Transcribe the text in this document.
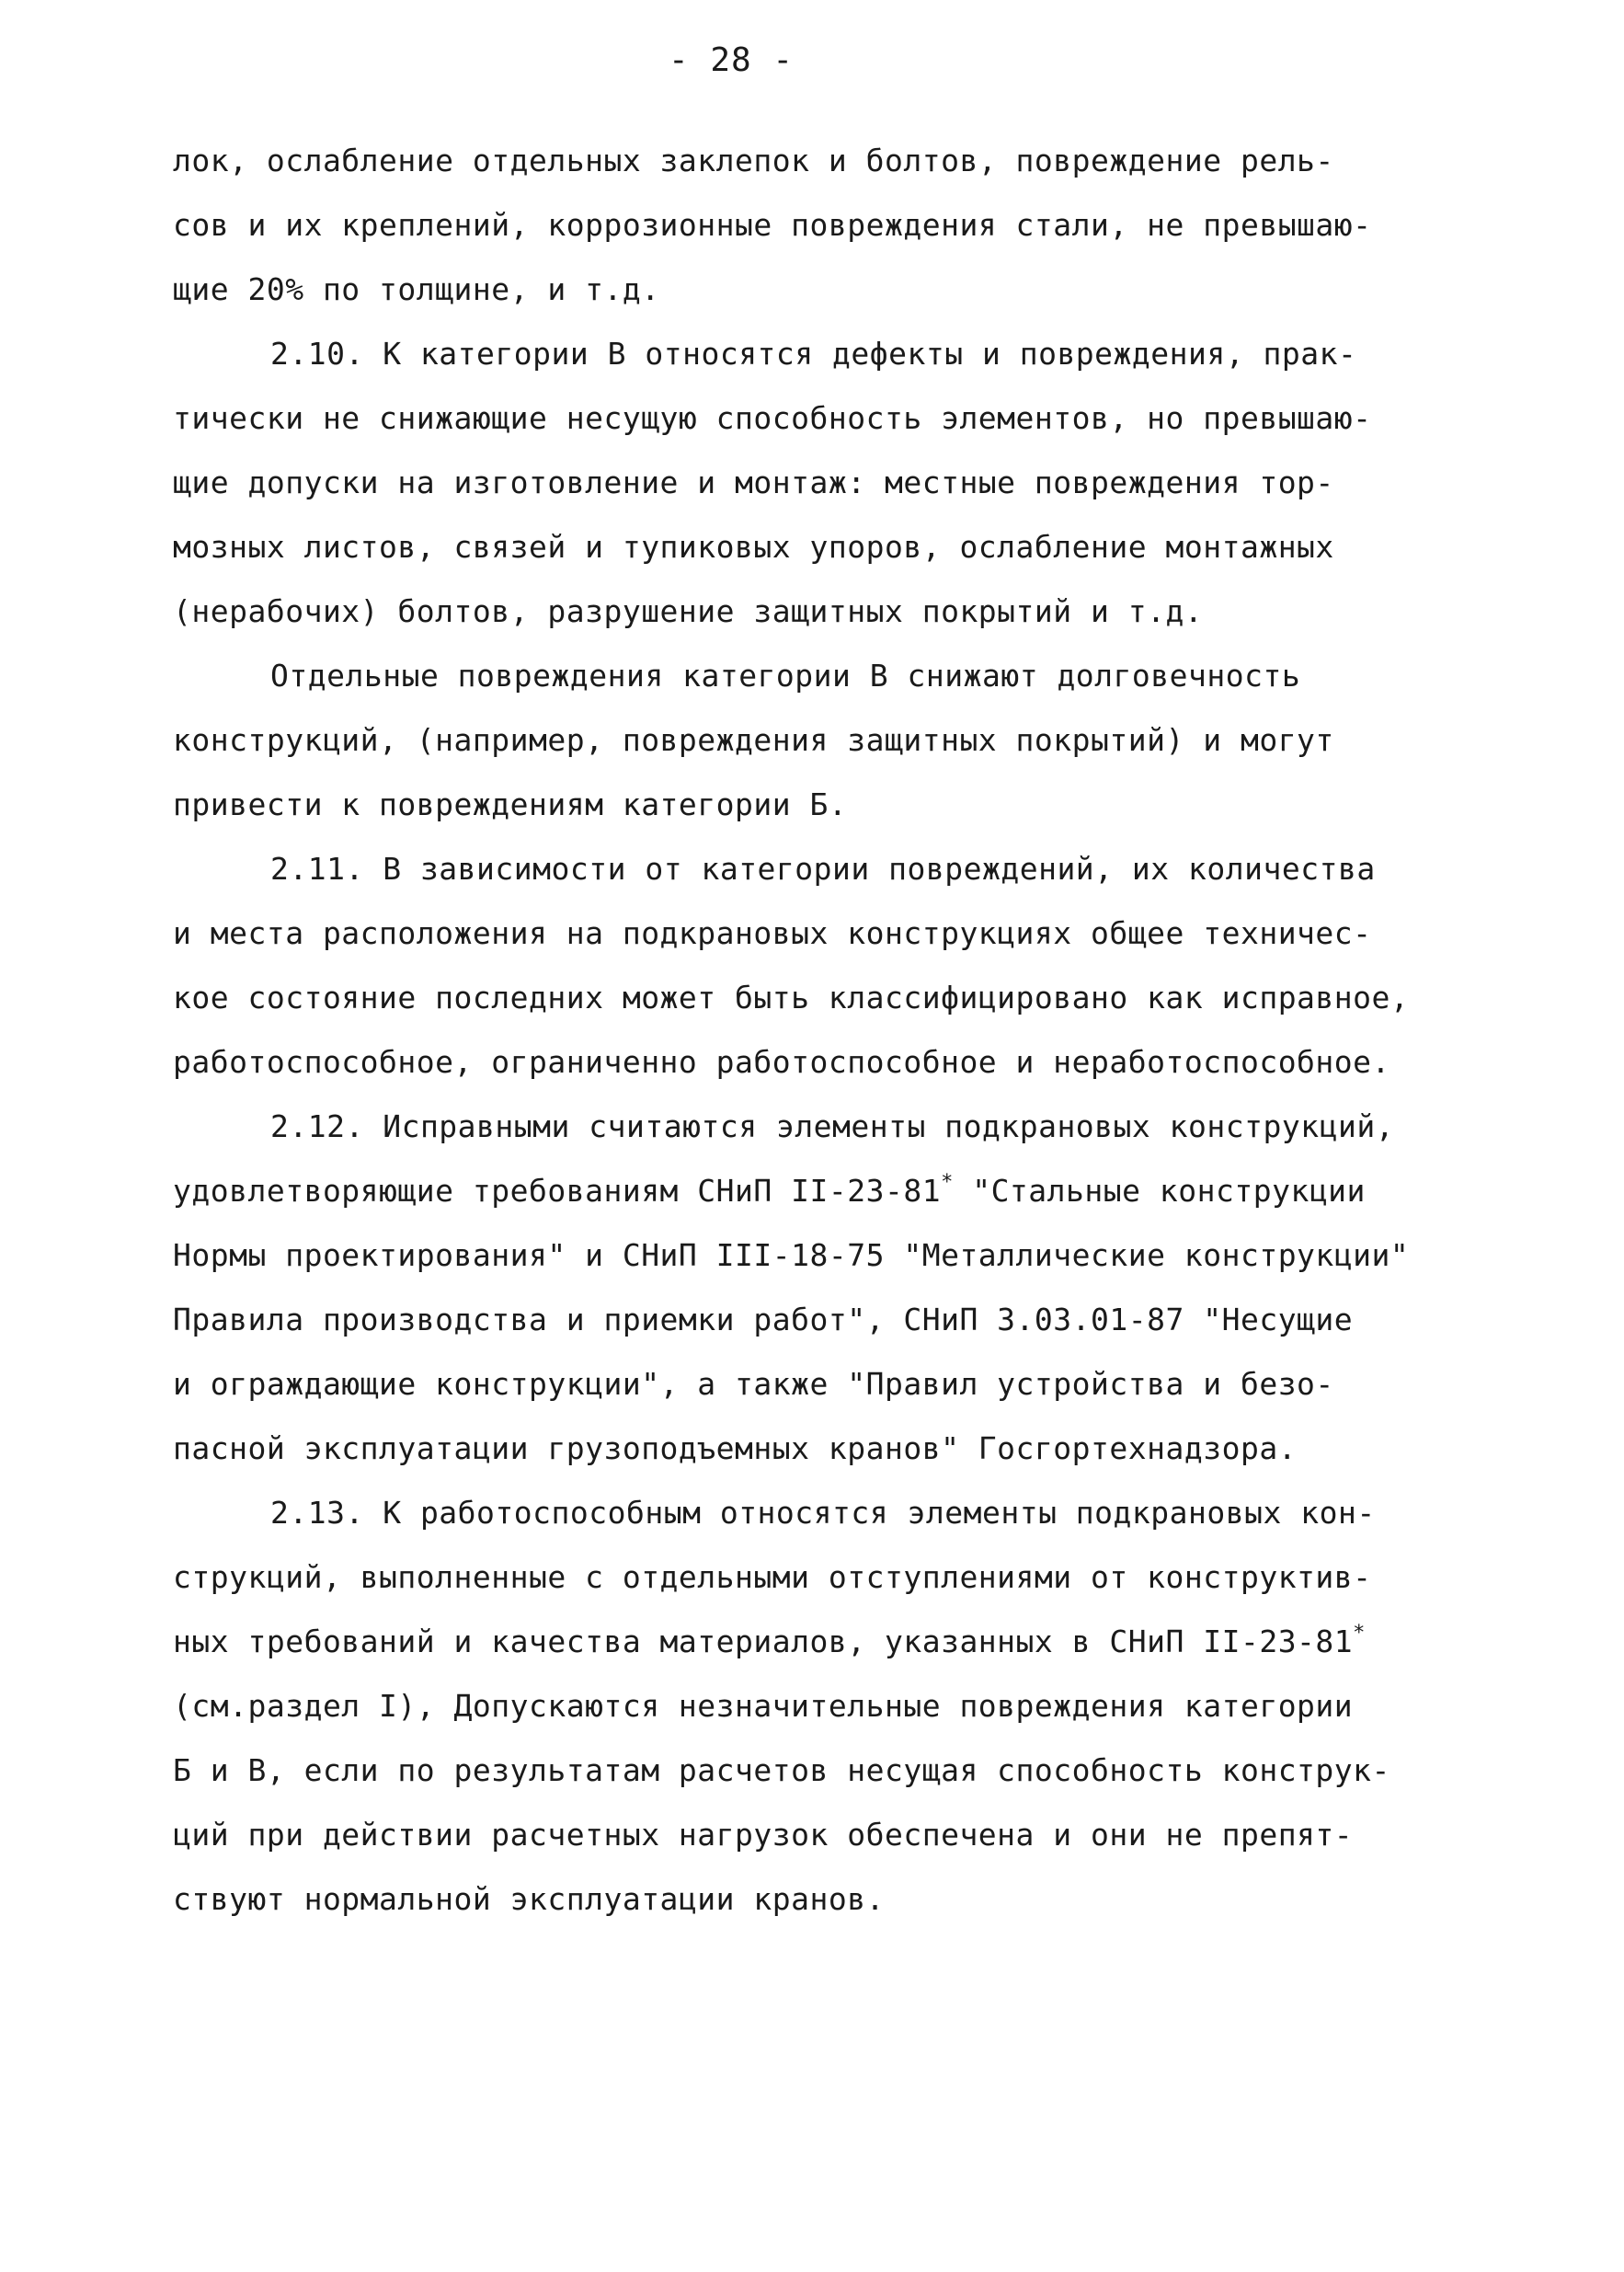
- 28 -
лок, ослабление отдельных заклепок и болтов, повреждение рель-
сов и их креплений, коррозионные повреждения стали, не превышаю-
щие 20% по толщине, и т.д.
2.10. К категории В относятся дефекты и повреждения, прак-
тически не снижающие несущую способность элементов, но превышаю-
щие допуски на изготовление и монтаж: местные повреждения тор-
мозных листов, связей и тупиковых упоров, ослабление монтажных
(нерабочих) болтов, разрушение защитных покрытий и т.д.
Отдельные повреждения категории В снижают долговечность
конструкций, (например, повреждения защитных покрытий) и могут
привести к повреждениям категории Б.
2.11. В зависимости от категории повреждений, их количества
и места расположения на подкрановых конструкциях общее техничес-
кое состояние последних может быть классифицировано как исправное,
работоспособное, ограниченно работоспособное и неработоспособное.
2.12. Исправными считаются элементы подкрановых конструкций,
удовлетворяющие требованиям СНиП II-23-81* "Стальные конструкции
Нормы проектирования" и СНиП III-18-75 "Металлические конструкции"
Правила производства и приемки работ", СНиП 3.03.01-87 "Несущие
и ограждающие конструкции", а также "Правил устройства и безо-
пасной эксплуатации грузоподъемных кранов" Госгортехнадзора.
2.13. К работоспособным относятся элементы подкрановых кон-
струкций, выполненные с отдельными отступлениями от конструктив-
ных требований и качества материалов, указанных в СНиП II-23-81*
(см.раздел I), Допускаются незначительные повреждения категории
Б и В, если по результатам расчетов несущая способность конструк-
ций при действии расчетных нагрузок обеспечена и они не препят-
ствуют нормальной эксплуатации кранов.
